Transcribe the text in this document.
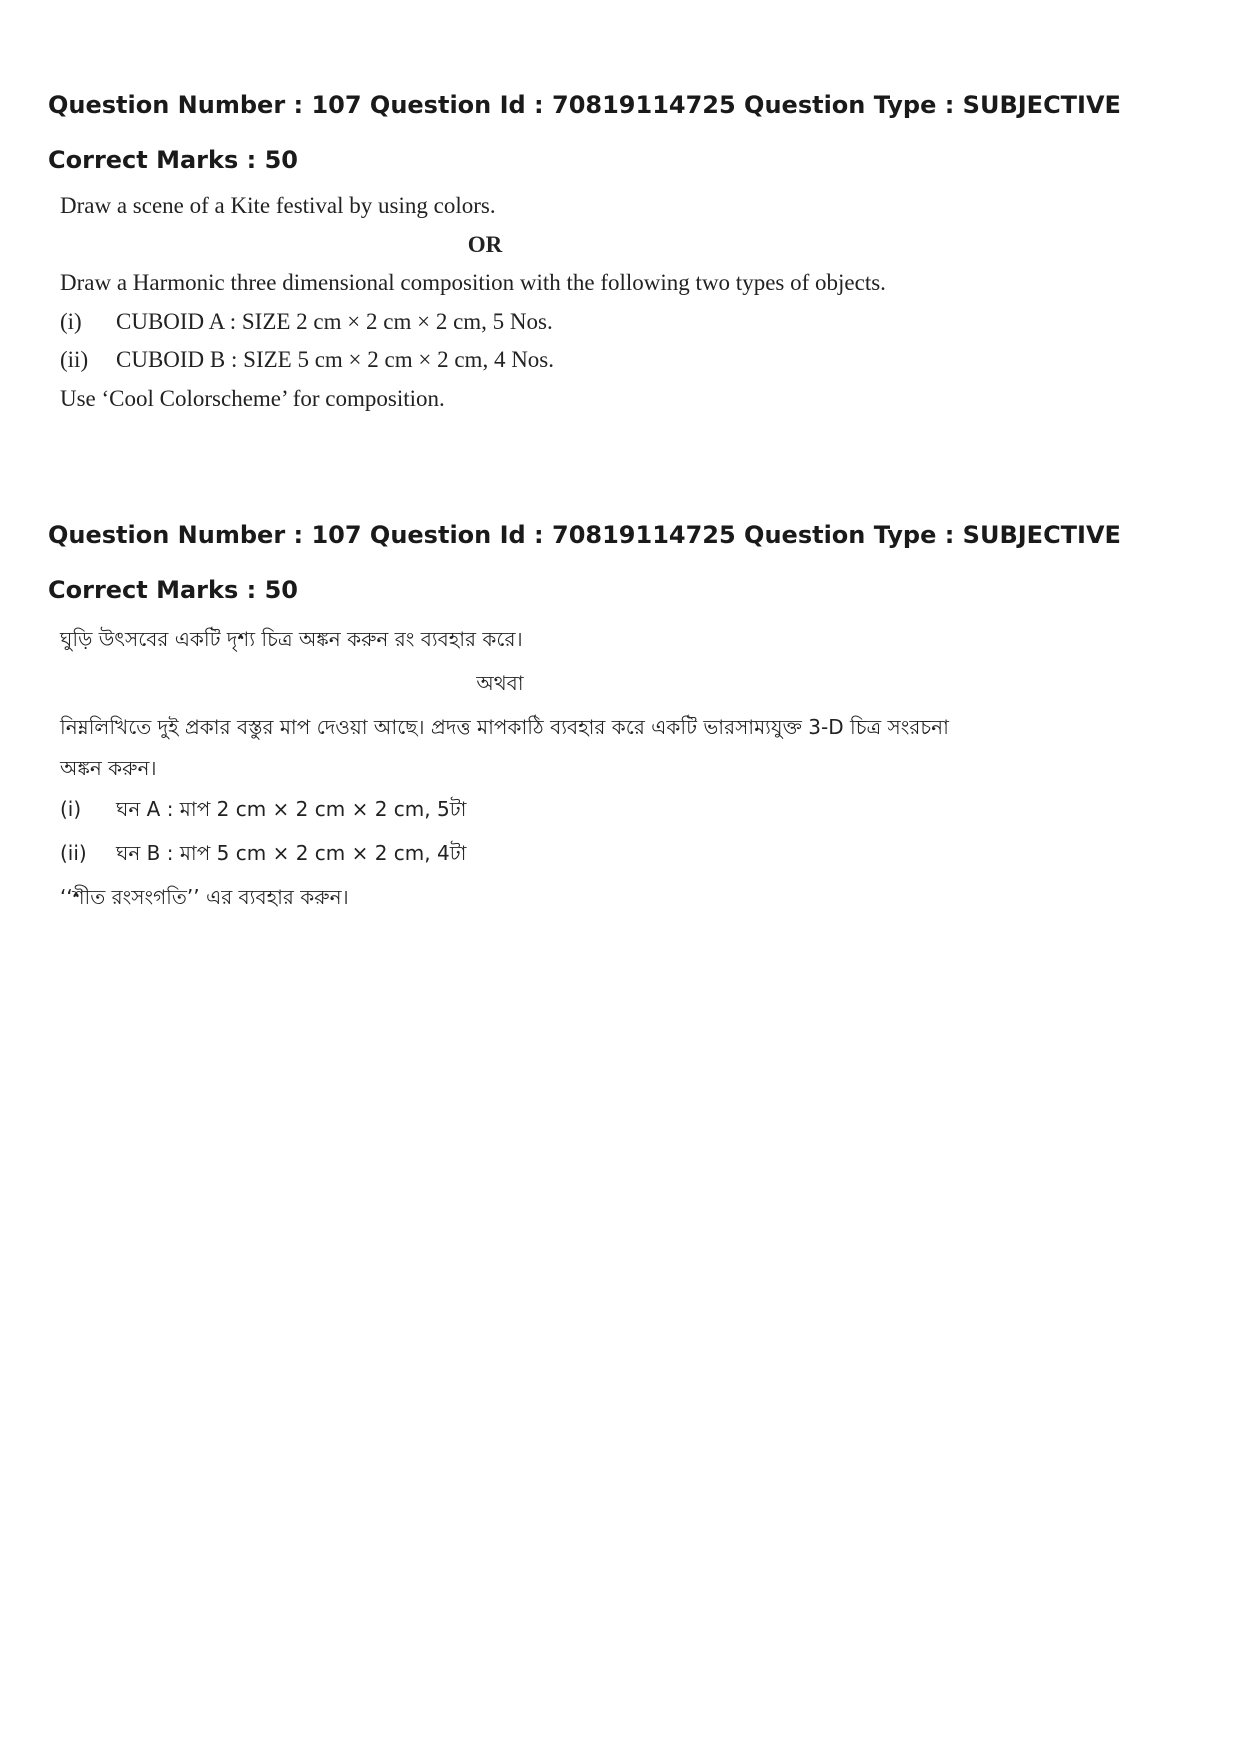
Question Number : 107 Question Id : 70819114725 Question Type : SUBJECTIVE

Correct Marks : 50

Draw a scene of a Kite festival by using colors.
OR
Draw a Harmonic three dimensional composition with the following two types of objects.
(i)	CUBOID A : SIZE 2 cm × 2 cm × 2 cm, 5 Nos.
(ii)	CUBOID B : SIZE 5 cm × 2 cm × 2 cm, 4 Nos.
Use ‘Cool Colorscheme’ for composition.

Question Number : 107 Question Id : 70819114725 Question Type : SUBJECTIVE

Correct Marks : 50

ঘুড়ি উৎসবের একটি দৃশ্য চিত্র অঙ্কন করুন রং ব্যবহার করে।
অথবা
নিম্নলিখিতে দুই প্রকার বস্তুর মাপ দেওয়া আছে। প্রদত্ত মাপকাঠি ব্যবহার করে একটি ভারসাম্যযুক্ত 3-D চিত্র সংরচনা
অঙ্কন করুন।
(i)	ঘন A : মাপ 2 cm × 2 cm × 2 cm, 5টা
(ii)	ঘন B : মাপ 5 cm × 2 cm × 2 cm, 4টা
‘‘শীত রংসংগতি’’ এর ব্যবহার করুন।
